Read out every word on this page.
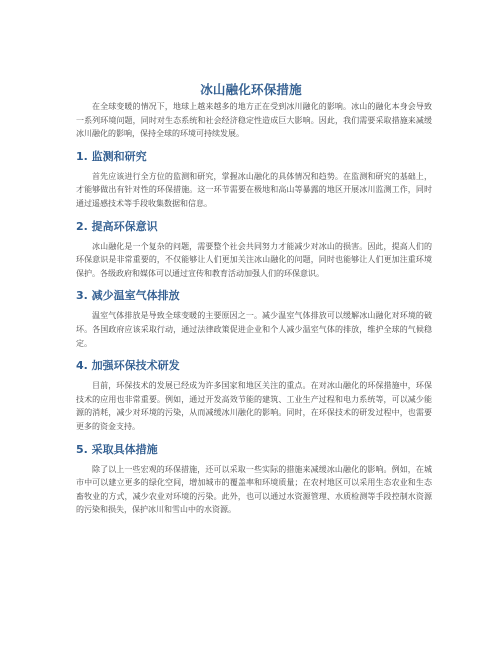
冰山融化环保措施

在全球变暖的情况下，地球上越来越多的地方正在受到冰川融化的影响。冰山的融化本身会导致一系列环境问题，同时对生态系统和社会经济稳定性造成巨大影响。因此，我们需要采取措施来减缓冰川融化的影响，保持全球的环境可持续发展。

1. 监测和研究

首先应该进行全方位的监测和研究，掌握冰山融化的具体情况和趋势。在监测和研究的基础上，才能够做出有针对性的环保措施。这一环节需要在极地和高山等暴露的地区开展冰川监测工作，同时通过遥感技术等手段收集数据和信息。

2. 提高环保意识

冰山融化是一个复杂的问题，需要整个社会共同努力才能减少对冰山的损害。因此，提高人们的环保意识是非常重要的，不仅能够让人们更加关注冰山融化的问题，同时也能够让人们更加注重环境保护。各级政府和媒体可以通过宣传和教育活动加强人们的环保意识。

3. 减少温室气体排放

温室气体排放是导致全球变暖的主要原因之一。减少温室气体排放可以缓解冰山融化对环境的破坏。各国政府应该采取行动，通过法律政策促进企业和个人减少温室气体的排放，维护全球的气候稳定。

4. 加强环保技术研发

目前，环保技术的发展已经成为许多国家和地区关注的重点。在对冰山融化的环保措施中，环保技术的应用也非常重要。例如，通过开发高效节能的建筑、工业生产过程和电力系统等，可以减少能源的消耗，减少对环境的污染，从而减缓冰川融化的影响。同时，在环保技术的研发过程中，也需要更多的资金支持。

5. 采取具体措施

除了以上一些宏观的环保措施，还可以采取一些实际的措施来减缓冰山融化的影响。例如，在城市中可以建立更多的绿化空间，增加城市的覆盖率和环境质量；在农村地区可以采用生态农业和生态畜牧业的方式，减少农业对环境的污染。此外，也可以通过水资源管理、水质检测等手段控制水资源的污染和损失，保护冰川和雪山中的水资源。
